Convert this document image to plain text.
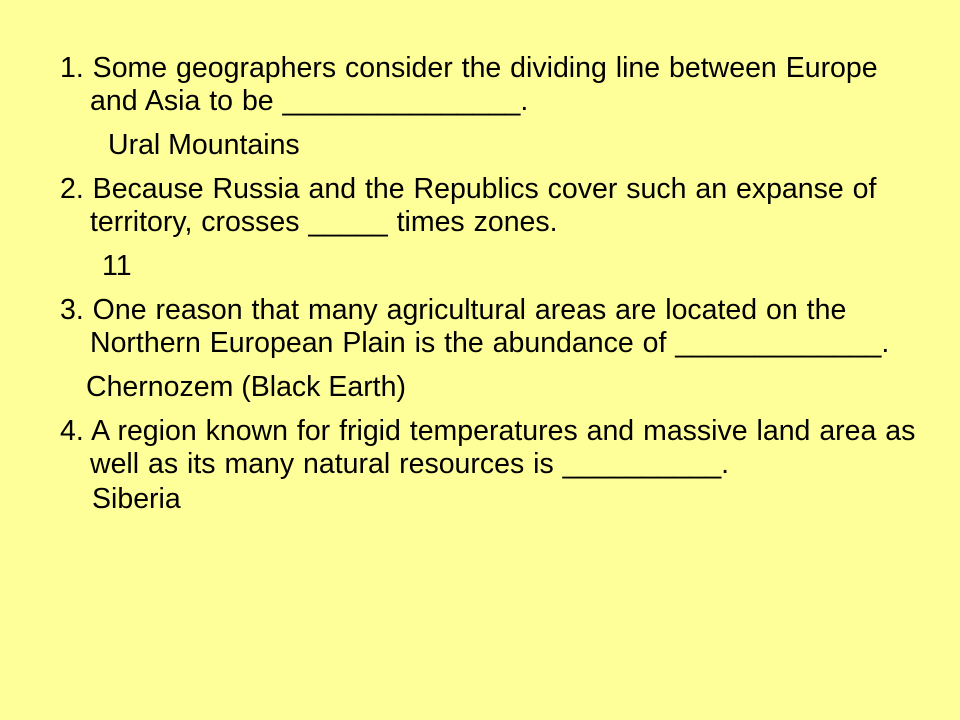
1. Some geographers consider the dividing line between Europe and Asia to be _______________.

Ural Mountains

2. Because Russia and the Republics cover such an expanse of territory, crosses _____ times zones.

11

3. One reason that many agricultural areas are located on the Northern European Plain is the abundance of _____________.

Chernozem (Black Earth)

4. A region known for frigid temperatures and massive land area as well as its many natural resources is __________.

Siberia
